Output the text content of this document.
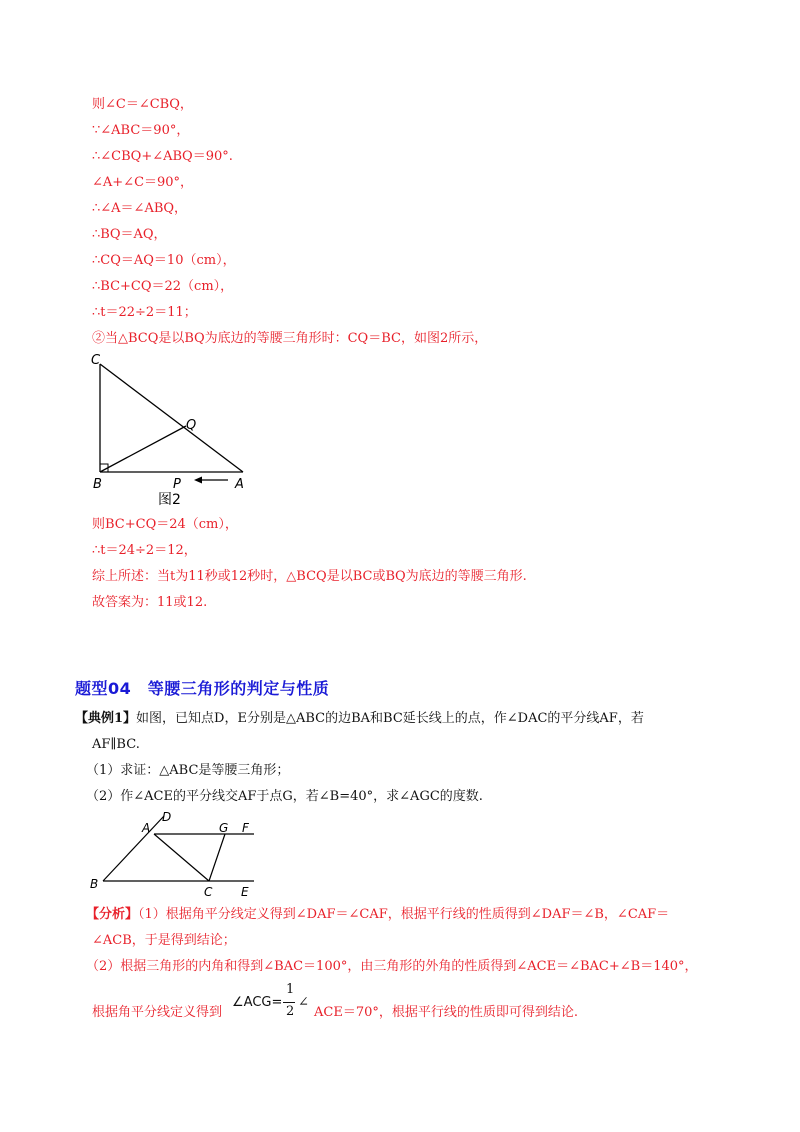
则∠C＝∠CBQ，
∵∠ABC＝90°，
∴∠CBQ+∠ABQ＝90°.
∠A+∠C＝90°，
∴∠A＝∠ABQ，
∴BQ＝AQ，
∴CQ＝AQ＝10（cm），
∴BC+CQ＝22（cm），
∴t＝22÷2＝11；
②当△BCQ是以BQ为底边的等腰三角形时：CQ＝BC，如图2所示，
C
Q
B	P	A
图2
则BC+CQ＝24（cm），
∴t＝24÷2＝12，
综上所述：当t为11秒或12秒时，△BCQ是以BC或BQ为底边的等腰三角形.
故答案为：11或12.
题型04　等腰三角形的判定与性质
【典例1】如图，已知点D，E分别是△ABC的边BA和BC延长线上的点，作∠DAC的平分线AF，若
AF∥BC.
（1）求证：△ABC是等腰三角形；
（2）作∠ACE的平分线交AF于点G，若∠B=40°，求∠AGC的度数.
D
A	G F
B
C E
【分析】（1）根据角平分线定义得到∠DAF＝∠CAF，根据平行线的性质得到∠DAF＝∠B，∠CAF＝
∠ACB，于是得到结论；
（2）根据三角形的内角和得到∠BAC＝100°，由三角形的外角的性质得到∠ACE＝∠BAC+∠B＝140°，
根据角平分线定义得到
∠ACG=
1
2
∠
ACE＝70°，根据平行线的性质即可得到结论.
